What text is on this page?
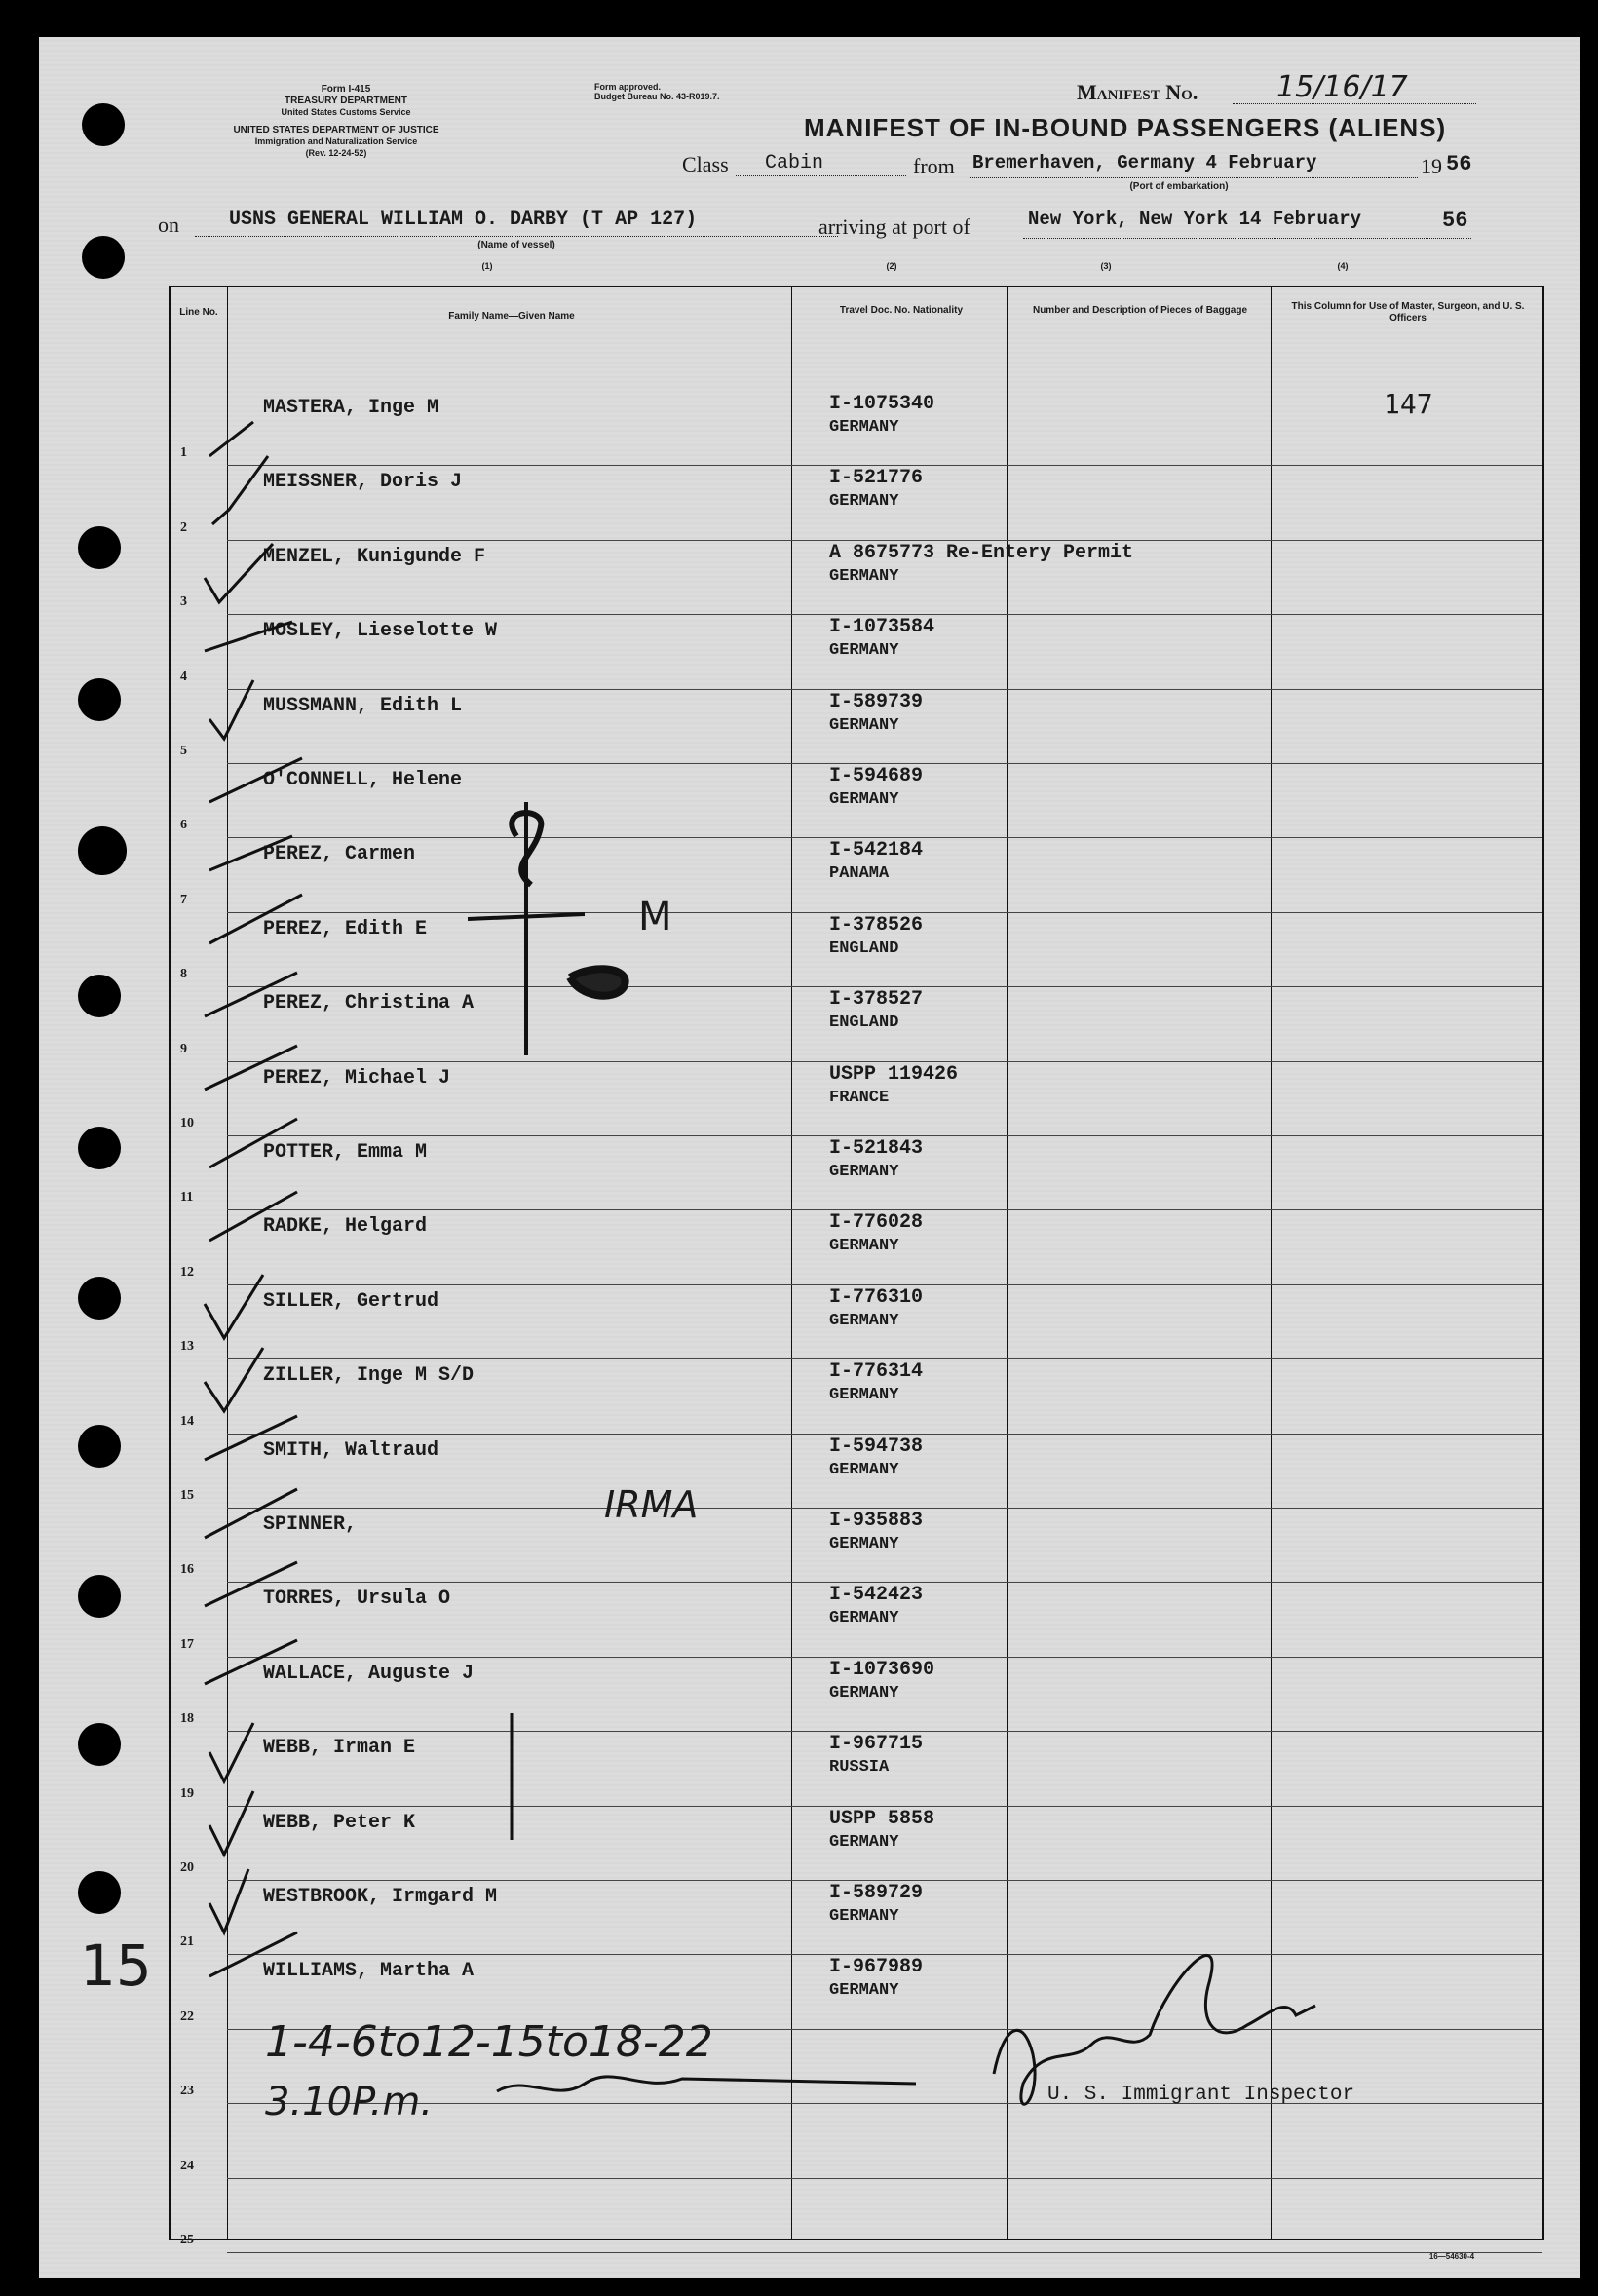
Form I-415
TREASURY DEPARTMENT
United States Customs Service
UNITED STATES DEPARTMENT OF JUSTICE
Immigration and Naturalization Service
(Rev. 12-24-52)
Form approved.
Budget Bureau No. 43-R019.7.	Manifest No.	15/16/17
MANIFEST OF IN-BOUND PASSENGERS (ALIENS)
Class Cabin	from Bremerhaven, Germany 4 February	19 56
(Port of embarkation)
on	USNS GENERAL WILLIAM O. DARBY (T AP 127)	arriving at port of	New York, New York 14 February	56
(Name of vessel)
(1)	(2)	(3)	(4)
Line No.	Family Name—Given Name
Travel Doc. No. Nationality	Number and Description of Pieces of Baggage	This Column for Use of Master, Surgeon, and U. S. Officers
1
MASTERA, Inge M	I-1075340
GERMANY
2
MEISSNER, Doris J	I-521776
GERMANY
3
MENZEL, Kunigunde F	A 8675773 Re-Entery Permit
GERMANY
4
MOSLEY, Lieselotte W	I-1073584
GERMANY
5
MUSSMANN, Edith L	I-589739
GERMANY
6
O'CONNELL, Helene	I-594689
GERMANY
7
PEREZ, Carmen	I-542184
PANAMA
8
PEREZ, Edith E	I-378526
ENGLAND
9
PEREZ, Christina A	I-378527
ENGLAND
10
PEREZ, Michael J	USPP 119426
FRANCE
11
POTTER, Emma M	I-521843
GERMANY
12
RADKE, Helgard	I-776028
GERMANY
13
SILLER, Gertrud	I-776310
GERMANY
14
ZILLER, Inge M S/D	I-776314
GERMANY
15
SMITH, Waltraud	I-594738
GERMANY
16
SPINNER,	I-935883
GERMANY
17
TORRES, Ursula O	I-542423
GERMANY
18
WALLACE, Auguste J	I-1073690
GERMANY
19
WEBB, Irman E	I-967715
RUSSIA
20
WEBB, Peter K	USPP 5858
GERMANY
21
WESTBROOK, Irmgard M	I-589729
GERMANY
22
WILLIAMS, Martha A	I-967989
GERMANY
23
24
25
147
IRMA
M
15
1-4-6to12-15to18-22
3.10P.m.	U. S. Immigrant Inspector
16—54630-4
